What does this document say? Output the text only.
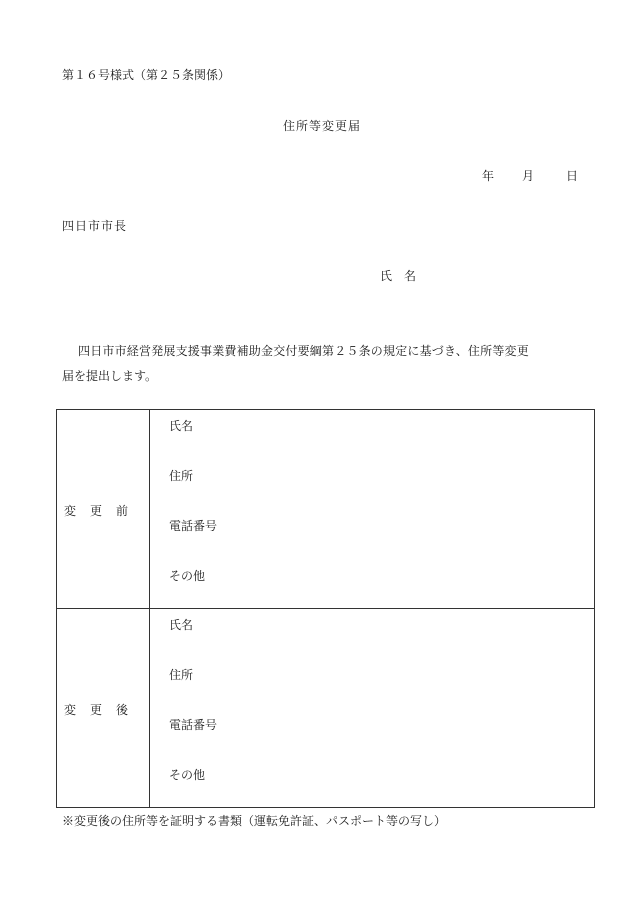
第１６号様式（第２５条関係）
住所等変更届
年 月	日
四日市市長
氏　名
四日市市経営発展支援事業費補助金交付要綱第２５条の規定に基づき、住所等変更
届を提出します。
変更前	氏名
住所
電話番号
その他

変更後	氏名
住所
電話番号
その他
※変更後の住所等を証明する書類（運転免許証、パスポート等の写し）
